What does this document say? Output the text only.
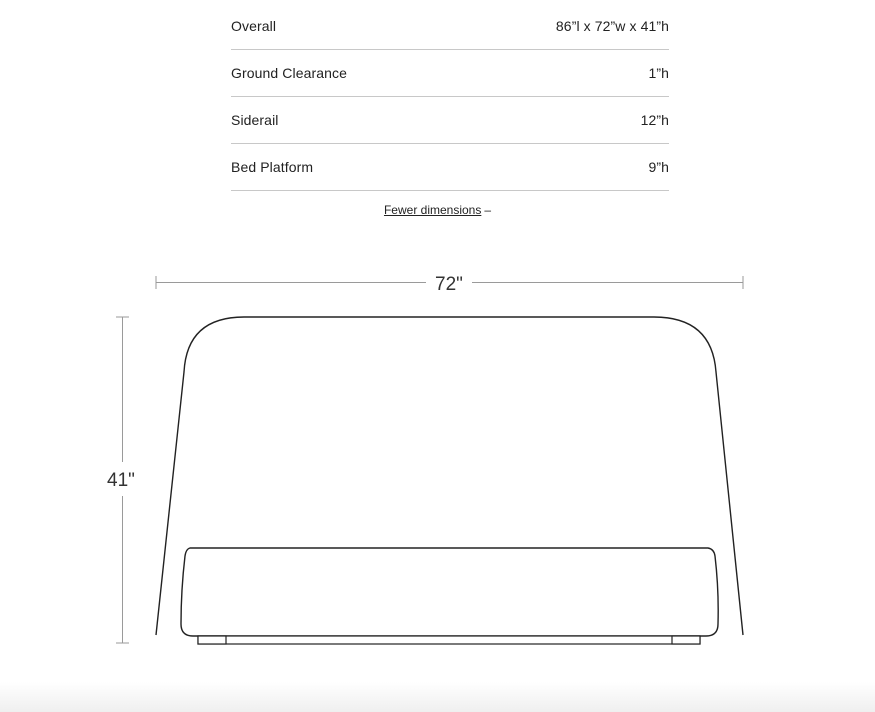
Overall	86”l x 72”w x 41”h
Ground Clearance	1”h
Siderail	12”h
Bed Platform	9”h
Fewer dimensions –
72"
41"
